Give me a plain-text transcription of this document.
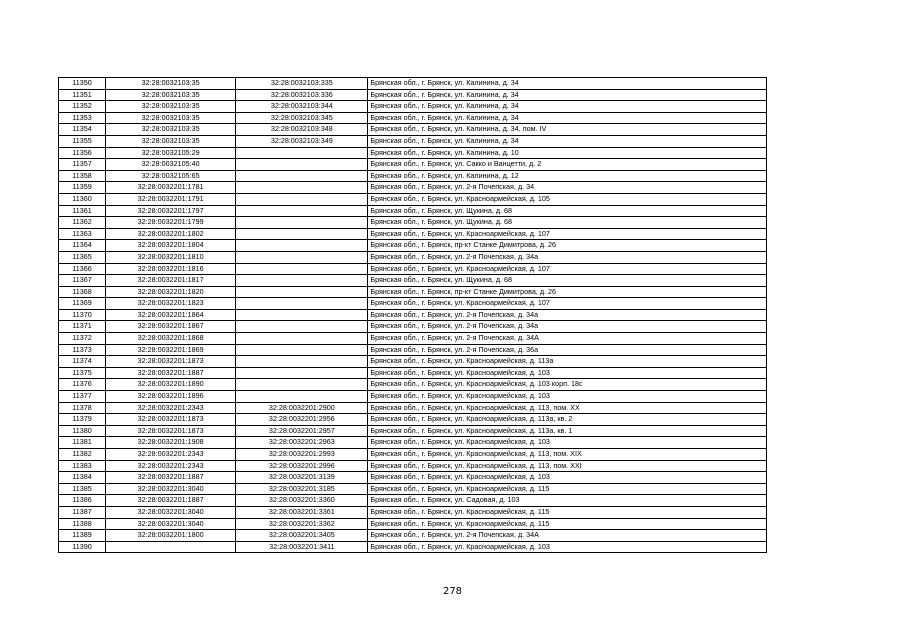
11350	32:28:0032103:35	32:28:0032103:335	Брянская обл., г. Брянск, ул. Калинина, д. 34
11351	32:28:0032103:35	32:28:0032103:336	Брянская обл., г. Брянск, ул. Калинина, д. 34
11352	32:28:0032103:35	32:28:0032103:344	Брянская обл., г. Брянск, ул. Калинина, д. 34
11353	32:28:0032103:35	32:28:0032103:345	Брянская обл., г. Брянск, ул. Калинина, д. 34
11354	32:28:0032103:35	32:28:0032103:348	Брянская обл., г. Брянск, ул. Калинина, д. 34, пом. IV
11355	32:28:0032103:35	32:28:0032103:349	Брянская обл., г. Брянск, ул. Калинина, д. 34
11356	32:28:0032105:29		Брянская обл., г. Брянск, ул. Калинина, д. 10
11357	32:28:0032105:40		Брянская обл., г. Брянск, ул. Сакко и Ванцетти, д. 2
11358	32:28:0032105:65		Брянская обл., г. Брянск, ул. Калинина, д. 12
11359	32:28:0032201:1781		Брянская обл., г. Брянск, ул. 2-я Почепская, д. 34
11360	32:28:0032201:1791		Брянская обл., г. Брянск, ул. Красноармейская, д. 105
11361	32:28:0032201:1797		Брянская обл., г. Брянск, ул. Щукина, д. 68
11362	32:28:0032201:1799		Брянская обл., г. Брянск, ул. Щукина, д. 68
11363	32:28:0032201:1802		Брянская обл., г. Брянск, ул. Красноармейская, д. 107
11364	32:28:0032201:1804		Брянская обл., г. Брянск, пр-кт Станке Димитрова, д. 26
11365	32:28:0032201:1810		Брянская обл., г. Брянск, ул. 2-я Почепская, д. 34а
11366	32:28:0032201:1816		Брянская обл., г. Брянск, ул. Красноармейская, д. 107
11367	32:28:0032201:1817		Брянская обл., г. Брянск, ул. Щукина, д. 68
11368	32:28:0032201:1820		Брянская обл., г. Брянск, пр-кт Станке Димитрова, д. 26
11369	32:28:0032201:1823		Брянская обл., г. Брянск, ул. Красноармейская, д. 107
11370	32:28:0032201:1864		Брянская обл., г. Брянск, ул. 2-я Почепская, д. 34а
11371	32:28:0032201:1867		Брянская обл., г. Брянск, ул. 2-я Почепская, д. 34а
11372	32:28:0032201:1868		Брянская обл., г. Брянск, ул. 2-я Почепская, д. 34А
11373	32:28:0032201:1869		Брянская обл., г. Брянск, ул. 2-я Почепская, д. 36а
11374	32:28:0032201:1873		Брянская обл., г. Брянск, ул. Красноармейская, д. 113а
11375	32:28:0032201:1887		Брянская обл., г. Брянск, ул. Красноармейская, д. 103
11376	32:28:0032201:1890		Брянская обл., г. Брянск, ул. Красноармейская, д. 103 корп. 18с
11377	32:28:0032201:1896		Брянская обл., г. Брянск, ул. Красноармейская, д. 103
11378	32:28:0032201:2343	32:28:0032201:2900	Брянская обл., г. Брянск, ул. Красноармейская, д. 113, пом. XX
11379	32:28:0032201:1873	32:28:0032201:2956	Брянская обл., г. Брянск, ул. Красноармейская, д. 113а, кв. 2
11380	32:28:0032201:1873	32:28:0032201:2957	Брянская обл., г. Брянск, ул. Красноармейская, д. 113а, кв. 1
11381	32:28:0032201:1908	32:28:0032201:2963	Брянская обл., г. Брянск, ул. Красноармейская, д. 103
11382	32:28:0032201:2343	32:28:0032201:2993	Брянская обл., г. Брянск, ул. Красноармейская, д. 113, пом. XIX
11383	32:28:0032201:2343	32:28:0032201:2996	Брянская обл., г. Брянск, ул. Красноармейская, д. 113, пом. XXI
11384	32:28:0032201:1887	32:28:0032201:3139	Брянская обл., г. Брянск, ул. Красноармейская, д. 103
11385	32:28:0032201:3040	32:28:0032201:3185	Брянская обл., г. Брянск, ул. Красноармейская, д. 115
11386	32:28:0032201:1887	32:28:0032201:3360	Брянская обл., г. Брянск, ул. Садовая, д. 103
11387	32:28:0032201:3040	32:28:0032201:3361	Брянская обл., г. Брянск, ул. Красноармейская, д. 115
11388	32:28:0032201:3040	32:28:0032201:3362	Брянская обл., г. Брянск, ул. Красноармейская, д. 115
11389	32:28:0032201:1800	32:28:0032201:3405	Брянская обл., г. Брянск, ул. 2-я Почепская, д. 34А
11390		32:28:0032201:3411	Брянская обл., г. Брянск, ул. Красноармейская, д. 103
278
